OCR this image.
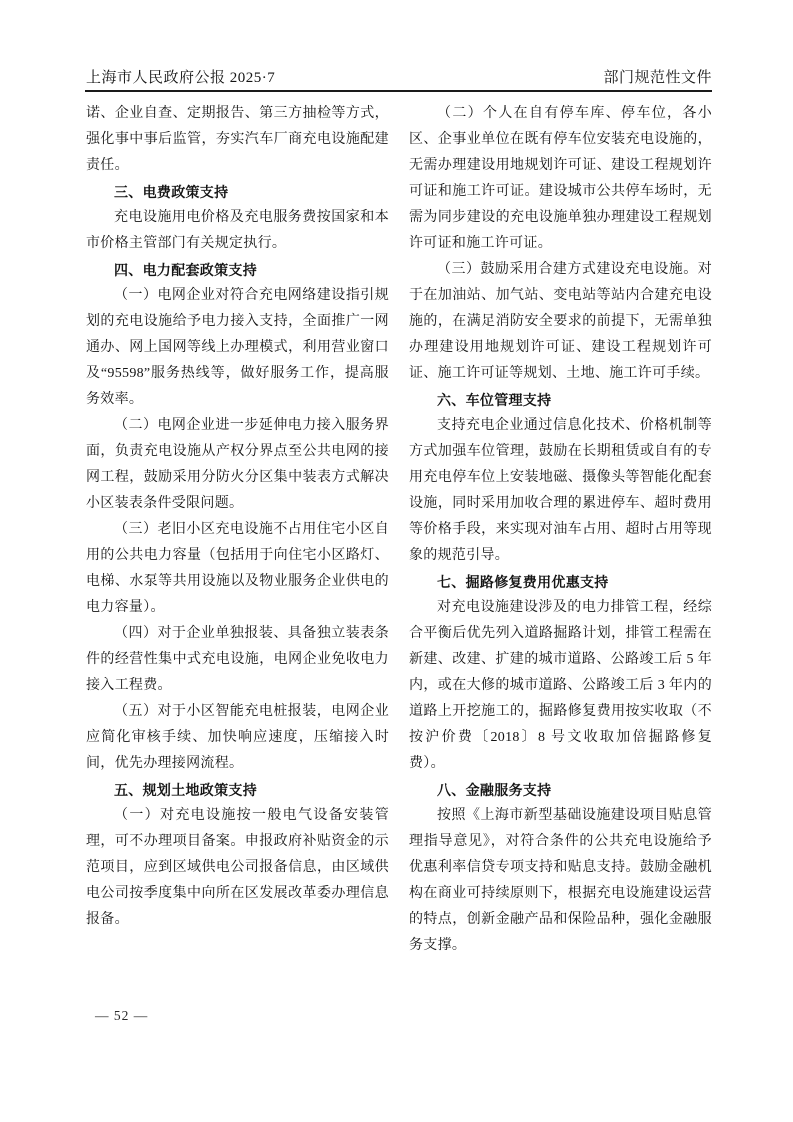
上海市人民政府公报 2025·7	部门规范性文件

诺、企业自查、定期报告、第三方抽检等方式，强化事中事后监管，夯实汽车厂商充电设施配建责任。

三、电费政策支持

充电设施用电价格及充电服务费按国家和本市价格主管部门有关规定执行。

四、电力配套政策支持

（一）电网企业对符合充电网络建设指引规划的充电设施给予电力接入支持，全面推广一网通办、网上国网等线上办理模式，利用营业窗口及“95598”服务热线等，做好服务工作，提高服务效率。

（二）电网企业进一步延伸电力接入服务界面，负责充电设施从产权分界点至公共电网的接网工程，鼓励采用分防火分区集中装表方式解决小区装表条件受限问题。

（三）老旧小区充电设施不占用住宅小区自用的公共电力容量（包括用于向住宅小区路灯、电梯、水泵等共用设施以及物业服务企业供电的电力容量）。

（四）对于企业单独报装、具备独立装表条件的经营性集中式充电设施，电网企业免收电力接入工程费。

（五）对于小区智能充电桩报装，电网企业应简化审核手续、加快响应速度，压缩接入时间，优先办理接网流程。

五、规划土地政策支持

（一）对充电设施按一般电气设备安装管理，可不办理项目备案。申报政府补贴资金的示范项目，应到区域供电公司报备信息，由区域供电公司按季度集中向所在区发展改革委办理信息报备。

（二）个人在自有停车库、停车位，各小区、企事业单位在既有停车位安装充电设施的，无需办理建设用地规划许可证、建设工程规划许可证和施工许可证。建设城市公共停车场时，无需为同步建设的充电设施单独办理建设工程规划许可证和施工许可证。

（三）鼓励采用合建方式建设充电设施。对于在加油站、加气站、变电站等站内合建充电设施的，在满足消防安全要求的前提下，无需单独办理建设用地规划许可证、建设工程规划许可证、施工许可证等规划、土地、施工许可手续。

六、车位管理支持

支持充电企业通过信息化技术、价格机制等方式加强车位管理，鼓励在长期租赁或自有的专用充电停车位上安装地磁、摄像头等智能化配套设施，同时采用加收合理的累进停车、超时费用等价格手段，来实现对油车占用、超时占用等现象的规范引导。

七、掘路修复费用优惠支持

对充电设施建设涉及的电力排管工程，经综合平衡后优先列入道路掘路计划，排管工程需在新建、改建、扩建的城市道路、公路竣工后 5 年内，或在大修的城市道路、公路竣工后 3 年内的道路上开挖施工的，掘路修复费用按实收取（不按沪价费〔2018〕8 号文收取加倍掘路修复费）。

八、金融服务支持

按照《上海市新型基础设施建设项目贴息管理指导意见》，对符合条件的公共充电设施给予优惠利率信贷专项支持和贴息支持。鼓励金融机构在商业可持续原则下，根据充电设施建设运营的特点，创新金融产品和保险品种，强化金融服务支撑。

— 52 —
